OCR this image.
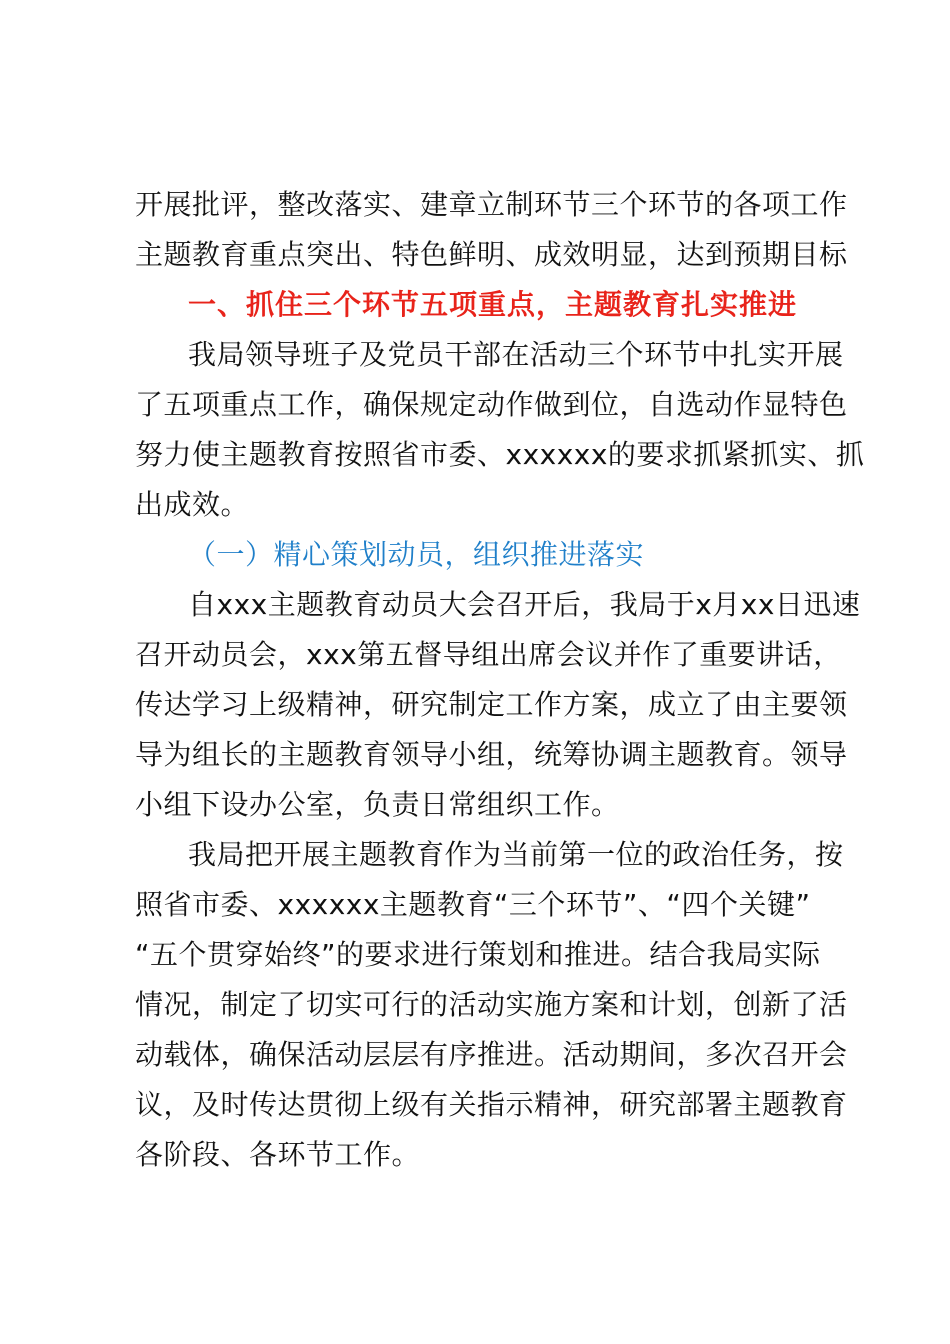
开展批评，整改落实、建章立制环节三个环节的各项工作
主题教育重点突出、特色鲜明、成效明显，达到预期目标
一、抓住三个环节五项重点，主题教育扎实推进
我局领导班子及党员干部在活动三个环节中扎实开展
了五项重点工作，确保规定动作做到位，自选动作显特色
努力使主题教育按照省市委、xxxxxx的要求抓紧抓实、抓
出成效。
（一）精心策划动员，组织推进落实
自xxx主题教育动员大会召开后，我局于x月xx日迅速
召开动员会，xxx第五督导组出席会议并作了重要讲话，
传达学习上级精神，研究制定工作方案，成立了由主要领
导为组长的主题教育领导小组，统筹协调主题教育。领导
小组下设办公室，负责日常组织工作。
我局把开展主题教育作为当前第一位的政治任务，按
照省市委、xxxxxx主题教育“三个环节”、“四个关键”
“五个贯穿始终”的要求进行策划和推进。结合我局实际
情况，制定了切实可行的活动实施方案和计划，创新了活
动载体，确保活动层层有序推进。活动期间，多次召开会
议，及时传达贯彻上级有关指示精神，研究部署主题教育
各阶段、各环节工作。
